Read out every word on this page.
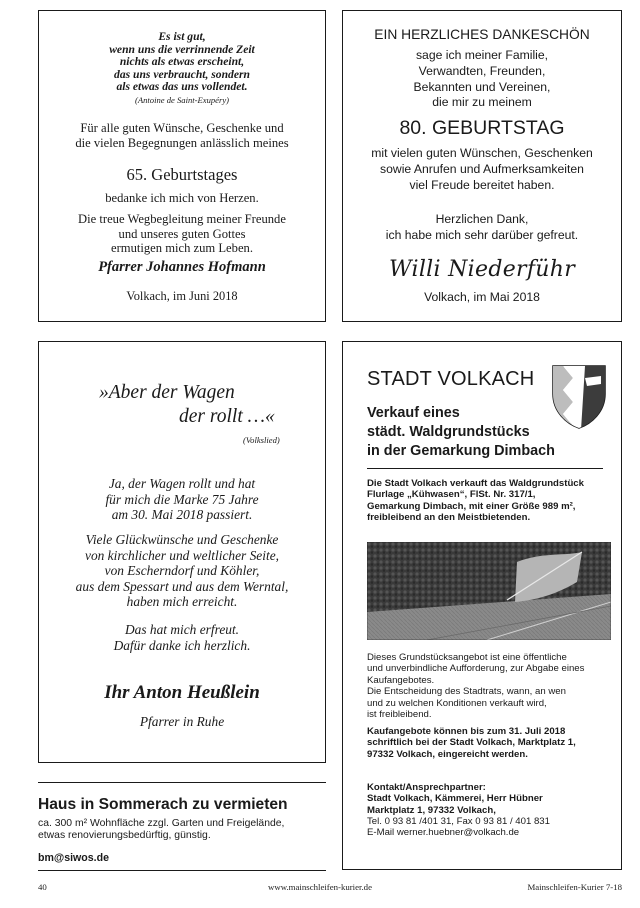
Es ist gut,
wenn uns die verrinnende Zeit
nichts als etwas erscheint,
das uns verbraucht, sondern
als etwas das uns vollendet.
(Antoine de Saint-Exupéry)
Für alle guten Wünsche, Geschenke und
die vielen Begegnungen anlässlich meines
65. Geburtstages
bedanke ich mich von Herzen.
Die treue Wegbegleitung meiner Freunde
und unseres guten Gottes
ermutigen mich zum Leben.
Pfarrer Johannes Hofmann
Volkach, im Juni 2018
EIN HERZLICHES DANKESCHÖN
sage ich meiner Familie,
Verwandten, Freunden,
Bekannten und Vereinen,
die mir zu meinem
80. GEBURTSTAG
mit vielen guten Wünschen, Geschenken
sowie Anrufen und Aufmerksamkeiten
viel Freude bereitet haben.
Herzlichen Dank,
ich habe mich sehr darüber gefreut.
Willi Niederführ
Volkach, im Mai 2018
»Aber der Wagen
der rollt …«
(Volkslied)
Ja, der Wagen rollt und hat
für mich die Marke 75 Jahre
am 30. Mai 2018 passiert.
Viele Glückwünsche und Geschenke
von kirchlicher und weltlicher Seite,
von Escherndorf und Köhler,
aus dem Spessart und aus dem Werntal,
haben mich erreicht.
Das hat mich erfreut.
Dafür danke ich herzlich.
Ihr Anton Heußlein
Pfarrer in Ruhe
STADT VOLKACH
Verkauf eines
städt. Waldgrundstücks
in der Gemarkung Dimbach
Die Stadt Volkach verkauft das Waldgrundstück
Flurlage „Kühwasen“, FlSt. Nr. 317/1,
Gemarkung Dimbach, mit einer Größe 989 m²,
freibleibend an den Meistbietenden.
Dieses Grundstücksangebot ist eine öffentliche
und unverbindliche Aufforderung, zur Abgabe eines
Kaufangebotes.
Die Entscheidung des Stadtrats, wann, an wen
und zu welchen Konditionen verkauft wird,
ist freibleibend.
Kaufangebote können bis zum 31. Juli 2018
schriftlich bei der Stadt Volkach, Marktplatz 1,
97332 Volkach, eingereicht werden.
Kontakt/Ansprechpartner:
Stadt Volkach, Kämmerei, Herr Hübner
Marktplatz 1, 97332 Volkach,
Tel. 0 93 81 /401 31, Fax 0 93 81 / 401 831
E-Mail werner.huebner@volkach.de
Haus in Sommerach zu vermieten
ca. 300 m² Wohnfläche zzgl. Garten und Freigelände,
etwas renovierungsbedürftig, günstig.
bm@siwos.de
40	www.mainschleifen-kurier.de	Mainschleifen-Kurier 7-18
